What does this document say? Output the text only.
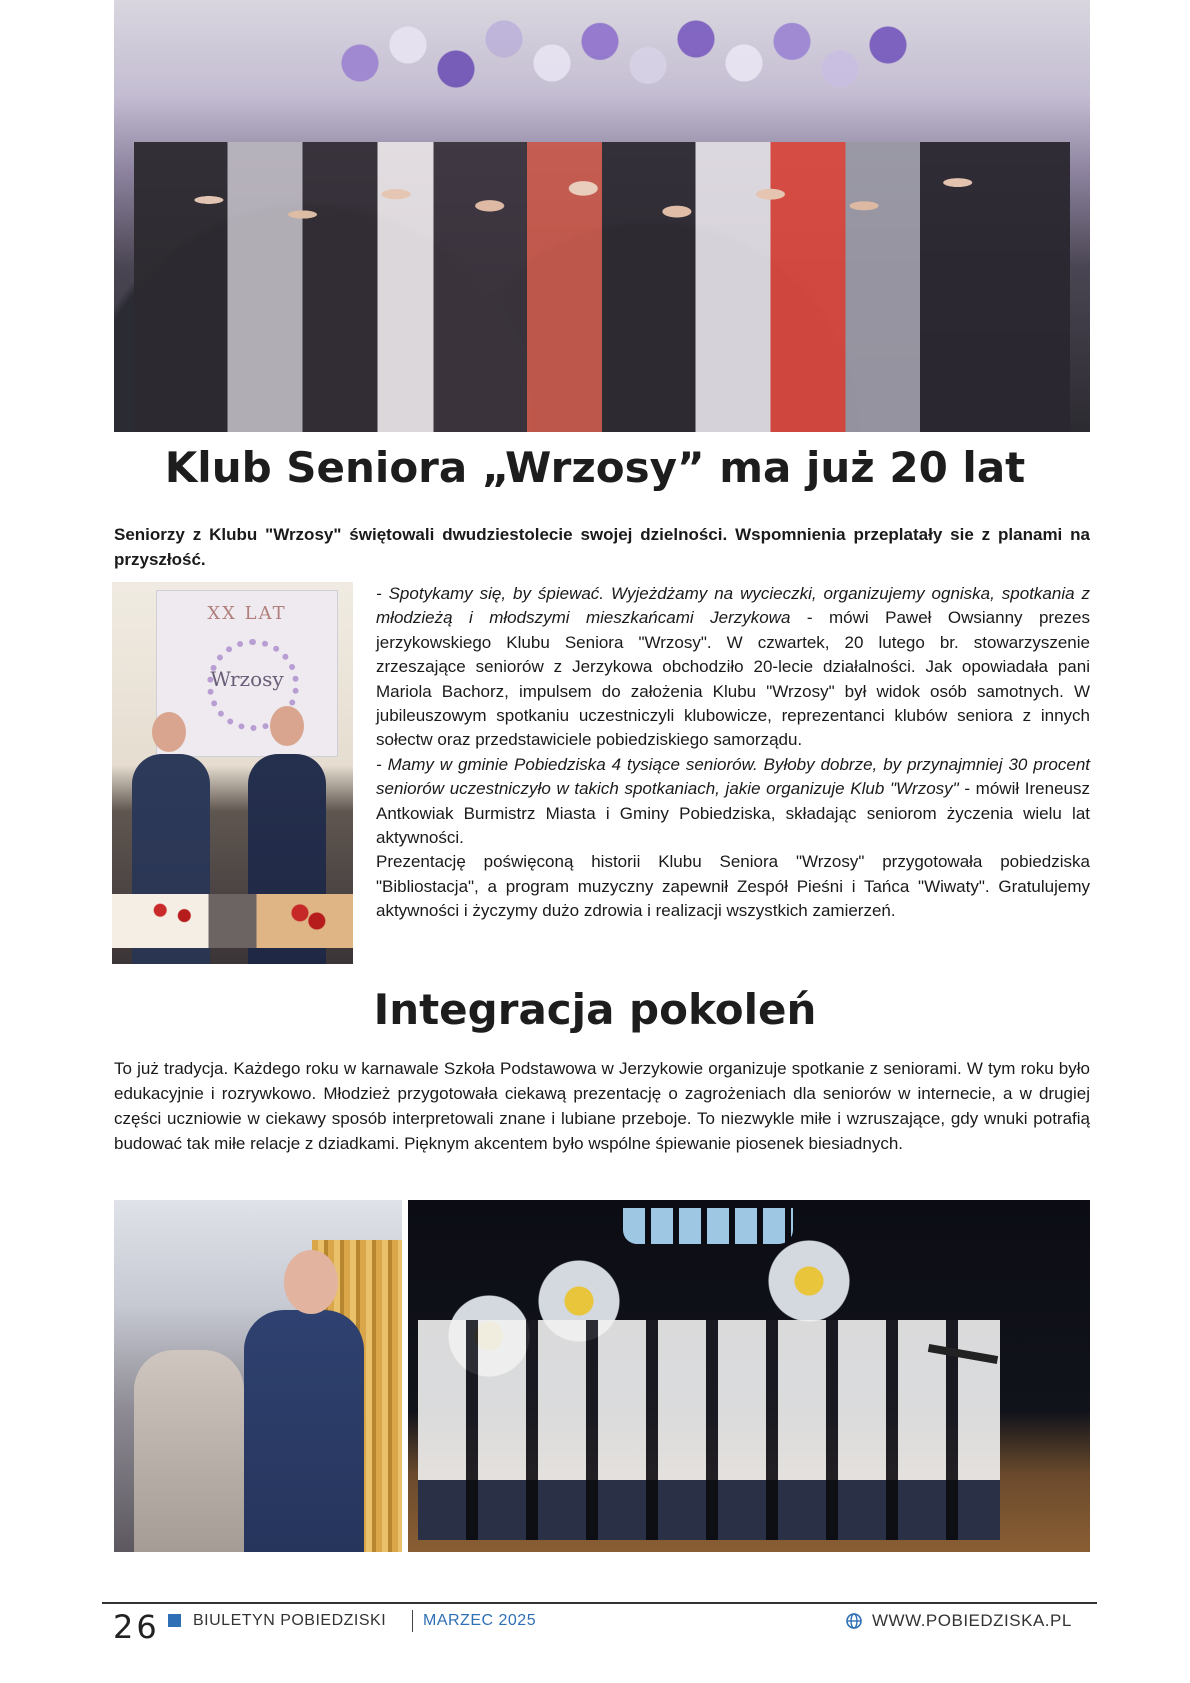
Klub Seniora „Wrzosy” ma już 20 lat

Seniorzy z Klubu "Wrzosy" świętowali dwudziestolecie swojej dzielności. Wspomnienia przeplatały sie z planami na przyszłość.

XX LAT
Wrzosy

- Spotykamy się, by śpiewać. Wyjeżdżamy na wycieczki, organizujemy ogniska, spotkania z młodzieżą i młodszymi mieszkańcami Jerzykowa - mówi Paweł Owsianny prezes jerzykowskiego Klubu Seniora "Wrzosy". W czwartek, 20 lutego br. stowarzyszenie zrzeszające seniorów z Jerzykowa obchodziło 20-lecie działalności. Jak opowiadała pani Mariola Bachorz, impulsem do założenia Klubu "Wrzosy" był widok osób samotnych. W jubileuszowym spotkaniu uczestniczyli klubowicze, reprezentanci klubów seniora z innych sołectw oraz przedstawiciele pobiedziskiego samorządu.

- Mamy w gminie Pobiedziska 4 tysiące seniorów. Byłoby dobrze, by przynajmniej 30 procent seniorów uczestniczyło w takich spotkaniach, jakie organizuje Klub "Wrzosy" - mówił Ireneusz Antkowiak Burmistrz Miasta i Gminy Pobiedziska, składając seniorom życzenia wielu lat aktywności.

Prezentację poświęconą historii Klubu Seniora "Wrzosy" przygotowała pobiedziska "Bibliostacja", a program muzyczny zapewnił Zespół Pieśni i Tańca "Wiwaty". Gratulujemy aktywności i życzymy dużo zdrowia i realizacji wszystkich zamierzeń.

Integracja pokoleń

To już tradycja. Każdego roku w karnawale Szkoła Podstawowa w Jerzykowie organizuje spotkanie z seniorami. W tym roku było edukacyjnie i rozrywkowo. Młodzież przygotowała ciekawą prezentację o zagrożeniach dla seniorów w internecie, a w drugiej części uczniowie w ciekawy sposób interpretowali znane i lubiane przeboje. To niezwykle miłe i wzruszające, gdy wnuki potrafią budować tak miłe relacje z dziadkami. Pięknym akcentem było wspólne śpiewanie piosenek biesiadnych.

26 BIULETYN POBIEDZISKI MARZEC 2025	WWW.POBIEDZISKA.PL
